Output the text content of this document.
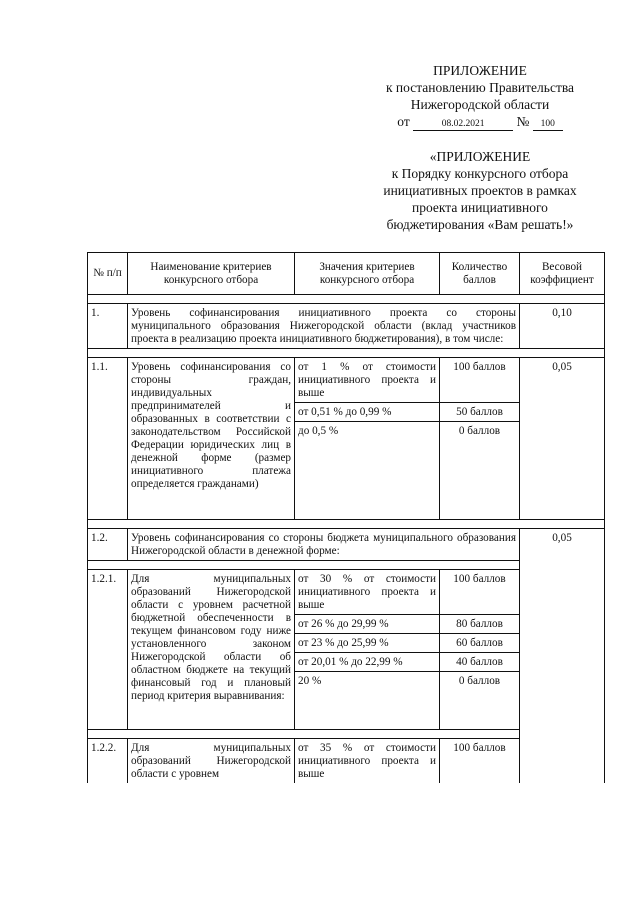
ПРИЛОЖЕНИЕ
к постановлению Правительства
Нижегородской области
от	08.02.2021 № 100
«ПРИЛОЖЕНИЕ
к Порядку конкурсного отбора
инициативных проектов в рамках
проекта инициативного
бюджетирования «Вам решать!»
№ п/п	Наименование критериев конкурсного отбора	Значения критериев конкурсного отбора	Количество баллов	Весовой коэффициент

1.	Уровень софинансирования инициативного проекта со стороны муниципального образования Нижегородской области (вклад участников проекта в реализацию проекта инициативного бюджетирования), в том числе:			0,10

1.1.	Уровень софинансирования со стороны граждан, индивидуальных предпринимателей и образованных в соответствии с законодательством Российской Федерации юридических лиц в денежной форме (размер инициативного платежа определяется гражданами)	от 1 % от стоимости инициативного проекта и выше	100 баллов	0,05
		от 0,51 % до 0,99 %	50 баллов	
		до 0,5 %	0 баллов	

1.2.	Уровень софинансирования со стороны бюджета муниципального образования Нижегородской области в денежной форме:			0,05

1.2.1.	Для муниципальных образований Нижегородской области с уровнем расчетной бюджетной обеспеченности в текущем финансовом году ниже установленного законом Нижегородской области об областном бюджете на текущий финансовый год и плановый период критерия выравнивания:	от 30 % от стоимости инициативного проекта и выше	100 баллов	
		от 26 % до 29,99 %	80 баллов	
		от 23 % до 25,99 %	60 баллов	
		от 20,01 % до 22,99 %	40 баллов	
		20 %	0 баллов	

1.2.2.	Для муниципальных образований Нижегородской области с уровнем	от 35 % от стоимости инициативного проекта и выше	100 баллов	
